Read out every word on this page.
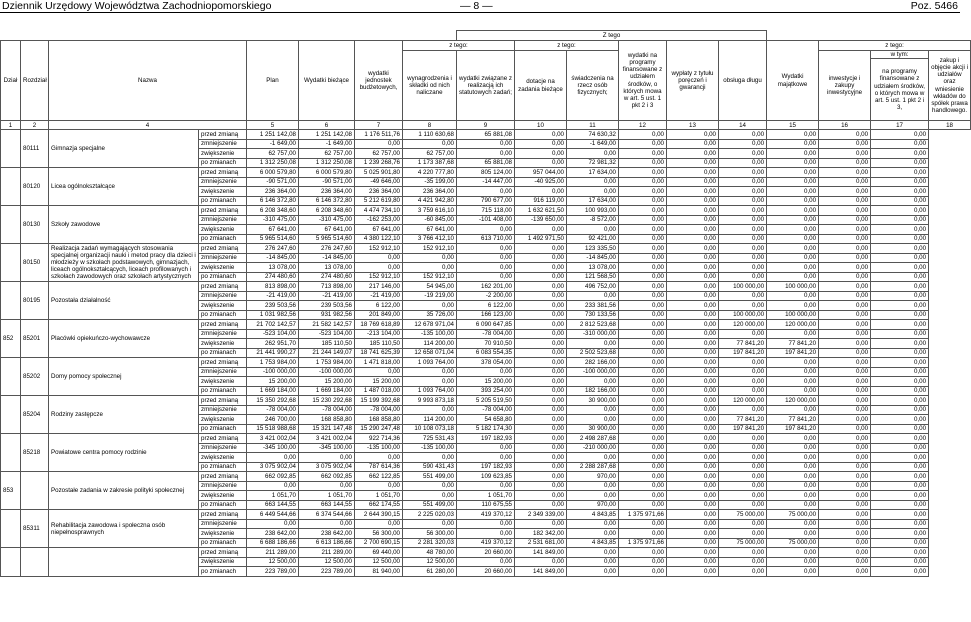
Dziennik Urzędowy Województwa Zachodniopomorskiego	— 8 —	Poz. 5466
								Z tego									
Dział	Rozdział	Nazwa		Plan	Wydatki bieżące	wydatki jednostek budżetowych,	z tego:		z tego:		wydatki na programy finansowane z udziałem środków, o których mowa w art. 5 ust. 1 pkt 2 i 3	wypłaty z tytułu poręczeń i gwarancji	obsługa długu	Wydatki majątkowe	z tego:		
							wynagrodzenia i składki od nich naliczane	wydatki związane z realizacją ich statutowych zadań;	dotacje na zadania bieżące	świadczenia na rzecz osób fizycznych;					inwestycje i zakupy inwestycyjne	w tym:	zakup i objęcie akcji i udziałów oraz wniesienie wkładów do spółek prawa handlowego.
																na programy finansowane z udziałem środków, o których mowa w art. 5 ust. 1 pkt 2 i 3,	
1	2	4		5	6	7	8	9	10	11	12	13	14	15	16	17	18
	80111	Gimnazja specjalne	przed zmianą	1 251 142,08	1 251 142,08	1 176 511,76	1 110 630,68	65 881,08	0,00	74 630,32	0,00	0,00	0,00	0,00	0,00	0,00	
			zmniejszenie	-1 649,00	-1 649,00	0,00	0,00	0,00	0,00	-1 649,00	0,00	0,00	0,00	0,00	0,00	0,00	
			zwiększenie	62 757,00	62 757,00	62 757,00	62 757,00	0,00	0,00	0,00	0,00	0,00	0,00	0,00	0,00	0,00	
			po zmianach	1 312 250,08	1 312 250,08	1 239 268,76	1 173 387,68	65 881,08	0,00	72 981,32	0,00	0,00	0,00	0,00	0,00	0,00	
	80120	Licea ogólnokształcące	przed zmianą	6 000 579,80	6 000 579,80	5 025 901,80	4 220 777,80	805 124,00	957 044,00	17 634,00	0,00	0,00	0,00	0,00	0,00	0,00	
			zmniejszenie	-90 571,00	-90 571,00	-49 646,00	-35 199,00	-14 447,00	-40 925,00	0,00	0,00	0,00	0,00	0,00	0,00	0,00	
			zwiększenie	236 364,00	236 364,00	236 364,00	236 364,00	0,00	0,00	0,00	0,00	0,00	0,00	0,00	0,00	0,00	
			po zmianach	6 146 372,80	6 146 372,80	5 212 619,80	4 421 942,80	790 677,00	916 119,00	17 634,00	0,00	0,00	0,00	0,00	0,00	0,00	
	80130	Szkoły zawodowe	przed zmianą	6 208 348,60	6 208 348,60	4 474 734,10	3 759 616,10	715 118,00	1 632 621,50	100 993,00	0,00	0,00	0,00	0,00	0,00	0,00	
			zmniejszenie	-310 475,00	-310 475,00	-162 253,00	-60 845,00	-101 408,00	-139 650,00	-8 572,00	0,00	0,00	0,00	0,00	0,00	0,00	
			zwiększenie	67 641,00	67 641,00	67 641,00	67 641,00	0,00	0,00	0,00	0,00	0,00	0,00	0,00	0,00	0,00	
			po zmianach	5 965 514,60	5 965 514,60	4 380 122,10	3 766 412,10	613 710,00	1 492 971,50	92 421,00	0,00	0,00	0,00	0,00	0,00	0,00	
	80150	Realizacja zadań wymagających stosowania specjalnej organizacji nauki i metod pracy dla dzieci i młodzieży w szkołach podstawowych, gimnazjach, liceach ogólnokształcących, liceach profilowanych i szkołach zawodowych oraz szkołach artystycznych	przed zmianą	276 247,60	276 247,60	152 912,10	152 912,10	0,00	0,00	123 335,50	0,00	0,00	0,00	0,00	0,00	0,00	
			zmniejszenie	-14 845,00	-14 845,00	0,00	0,00	0,00	0,00	-14 845,00	0,00	0,00	0,00	0,00	0,00	0,00	
			zwiększenie	13 078,00	13 078,00	0,00	0,00	0,00	0,00	13 078,00	0,00	0,00	0,00	0,00	0,00	0,00	
			po zmianach	274 480,60	274 480,60	152 912,10	152 912,10	0,00	0,00	121 568,50	0,00	0,00	0,00	0,00	0,00	0,00	
	80195	Pozostała działalność	przed zmianą	813 898,00	713 898,00	217 146,00	54 945,00	162 201,00	0,00	496 752,00	0,00	0,00	100 000,00	100 000,00	0,00	0,00	
			zmniejszenie	-21 419,00	-21 419,00	-21 419,00	-19 219,00	-2 200,00	0,00	0,00	0,00	0,00	0,00	0,00	0,00	0,00	
			zwiększenie	239 503,56	239 503,56	6 122,00	0,00	6 122,00	0,00	233 381,56	0,00	0,00	0,00	0,00	0,00	0,00	
			po zmianach	1 031 982,56	931 982,56	201 849,00	35 726,00	166 123,00	0,00	730 133,56	0,00	0,00	100 000,00	100 000,00	0,00	0,00	
852	85201	Placówki opiekuńczo-wychowawcze	przed zmianą	21 702 142,57	21 582 142,57	18 769 618,89	12 678 971,04	6 090 647,85	0,00	2 812 523,68	0,00	0,00	120 000,00	120 000,00	0,00	0,00	
			zmniejszenie	-523 104,00	-523 104,00	-213 104,00	-135 100,00	-78 004,00	0,00	-310 000,00	0,00	0,00	0,00	0,00	0,00	0,00	
			zwiększenie	262 951,70	185 110,50	185 110,50	114 200,00	70 910,50	0,00	0,00	0,00	0,00	77 841,20	77 841,20	0,00	0,00	
			po zmianach	21 441 990,27	21 244 149,07	18 741 625,39	12 658 071,04	6 083 554,35	0,00	2 502 523,68	0,00	0,00	197 841,20	197 841,20	0,00	0,00	
	85202	Domy pomocy społecznej	przed zmianą	1 753 984,00	1 753 984,00	1 471 818,00	1 093 764,00	378 054,00	0,00	282 166,00	0,00	0,00	0,00	0,00	0,00	0,00	
			zmniejszenie	-100 000,00	-100 000,00	0,00	0,00	0,00	0,00	-100 000,00	0,00	0,00	0,00	0,00	0,00	0,00	
			zwiększenie	15 200,00	15 200,00	15 200,00	0,00	15 200,00	0,00	0,00	0,00	0,00	0,00	0,00	0,00	0,00	
			po zmianach	1 669 184,00	1 669 184,00	1 487 018,00	1 093 764,00	393 254,00	0,00	182 166,00	0,00	0,00	0,00	0,00	0,00	0,00	
	85204	Rodziny zastępcze	przed zmianą	15 350 292,68	15 230 292,68	15 199 392,68	9 993 873,18	5 205 519,50	0,00	30 900,00	0,00	0,00	120 000,00	120 000,00	0,00	0,00	
			zmniejszenie	-78 004,00	-78 004,00	-78 004,00	0,00	-78 004,00	0,00	0,00	0,00	0,00	0,00	0,00	0,00	0,00	
			zwiększenie	246 700,00	168 858,80	168 858,80	114 200,00	54 658,80	0,00	0,00	0,00	0,00	77 841,20	77 841,20	0,00	0,00	
			po zmianach	15 518 988,68	15 321 147,48	15 290 247,48	10 108 073,18	5 182 174,30	0,00	30 900,00	0,00	0,00	197 841,20	197 841,20	0,00	0,00	
	85218	Powiatowe centra pomocy rodzinie	przed zmianą	3 421 002,04	3 421 002,04	922 714,36	725 531,43	197 182,93	0,00	2 498 287,68	0,00	0,00	0,00	0,00	0,00	0,00	
			zmniejszenie	-345 100,00	-345 100,00	-135 100,00	-135 100,00	0,00	0,00	-210 000,00	0,00	0,00	0,00	0,00	0,00	0,00	
			zwiększenie	0,00	0,00	0,00	0,00	0,00	0,00	0,00	0,00	0,00	0,00	0,00	0,00	0,00	
			po zmianach	3 075 902,04	3 075 902,04	787 614,36	590 431,43	197 182,93	0,00	2 288 287,68	0,00	0,00	0,00	0,00	0,00	0,00	
853		Pozostałe zadania w zakresie polityki społecznej	przed zmianą	662 092,85	662 092,85	662 122,85	551 499,00	109 623,85	0,00	970,00	0,00	0,00	0,00	0,00	0,00	0,00	
			zmniejszenie	0,00	0,00	0,00	0,00	0,00	0,00	0,00	0,00	0,00	0,00	0,00	0,00	0,00	
			zwiększenie	1 051,70	1 051,70	1 051,70	0,00	1 051,70	0,00	0,00	0,00	0,00	0,00	0,00	0,00	0,00	
			po zmianach	663 144,55	663 144,55	662 174,55	551 499,00	110 675,55	0,00	970,00	0,00	0,00	0,00	0,00	0,00	0,00	
	85311	Rehabilitacja zawodowa i społeczna osób niepełnosprawnych	przed zmianą	6 449 544,66	6 374 544,66	2 644 390,15	2 225 020,03	419 370,12	2 349 339,00	4 843,85	1 375 971,66	0,00	75 000,00	75 000,00	0,00	0,00	
			zmniejszenie	0,00	0,00	0,00	0,00	0,00	0,00	0,00	0,00	0,00	0,00	0,00	0,00	0,00	
			zwiększenie	238 642,00	238 642,00	56 300,00	56 300,00	0,00	182 342,00	0,00	0,00	0,00	0,00	0,00	0,00	0,00	
			po zmianach	6 688 186,66	6 613 186,66	2 700 690,15	2 281 320,03	419 370,12	2 531 681,00	4 843,85	1 375 971,66	0,00	75 000,00	75 000,00	0,00	0,00	
			przed zmianą	211 289,00	211 289,00	69 440,00	48 780,00	20 660,00	141 849,00	0,00	0,00	0,00	0,00	0,00	0,00	0,00	
			zwiększenie	12 500,00	12 500,00	12 500,00	12 500,00	0,00	0,00	0,00	0,00	0,00	0,00	0,00	0,00	0,00	
			po zmianach	223 789,00	223 789,00	81 940,00	61 280,00	20 660,00	141 849,00	0,00	0,00	0,00	0,00	0,00	0,00	0,00	
